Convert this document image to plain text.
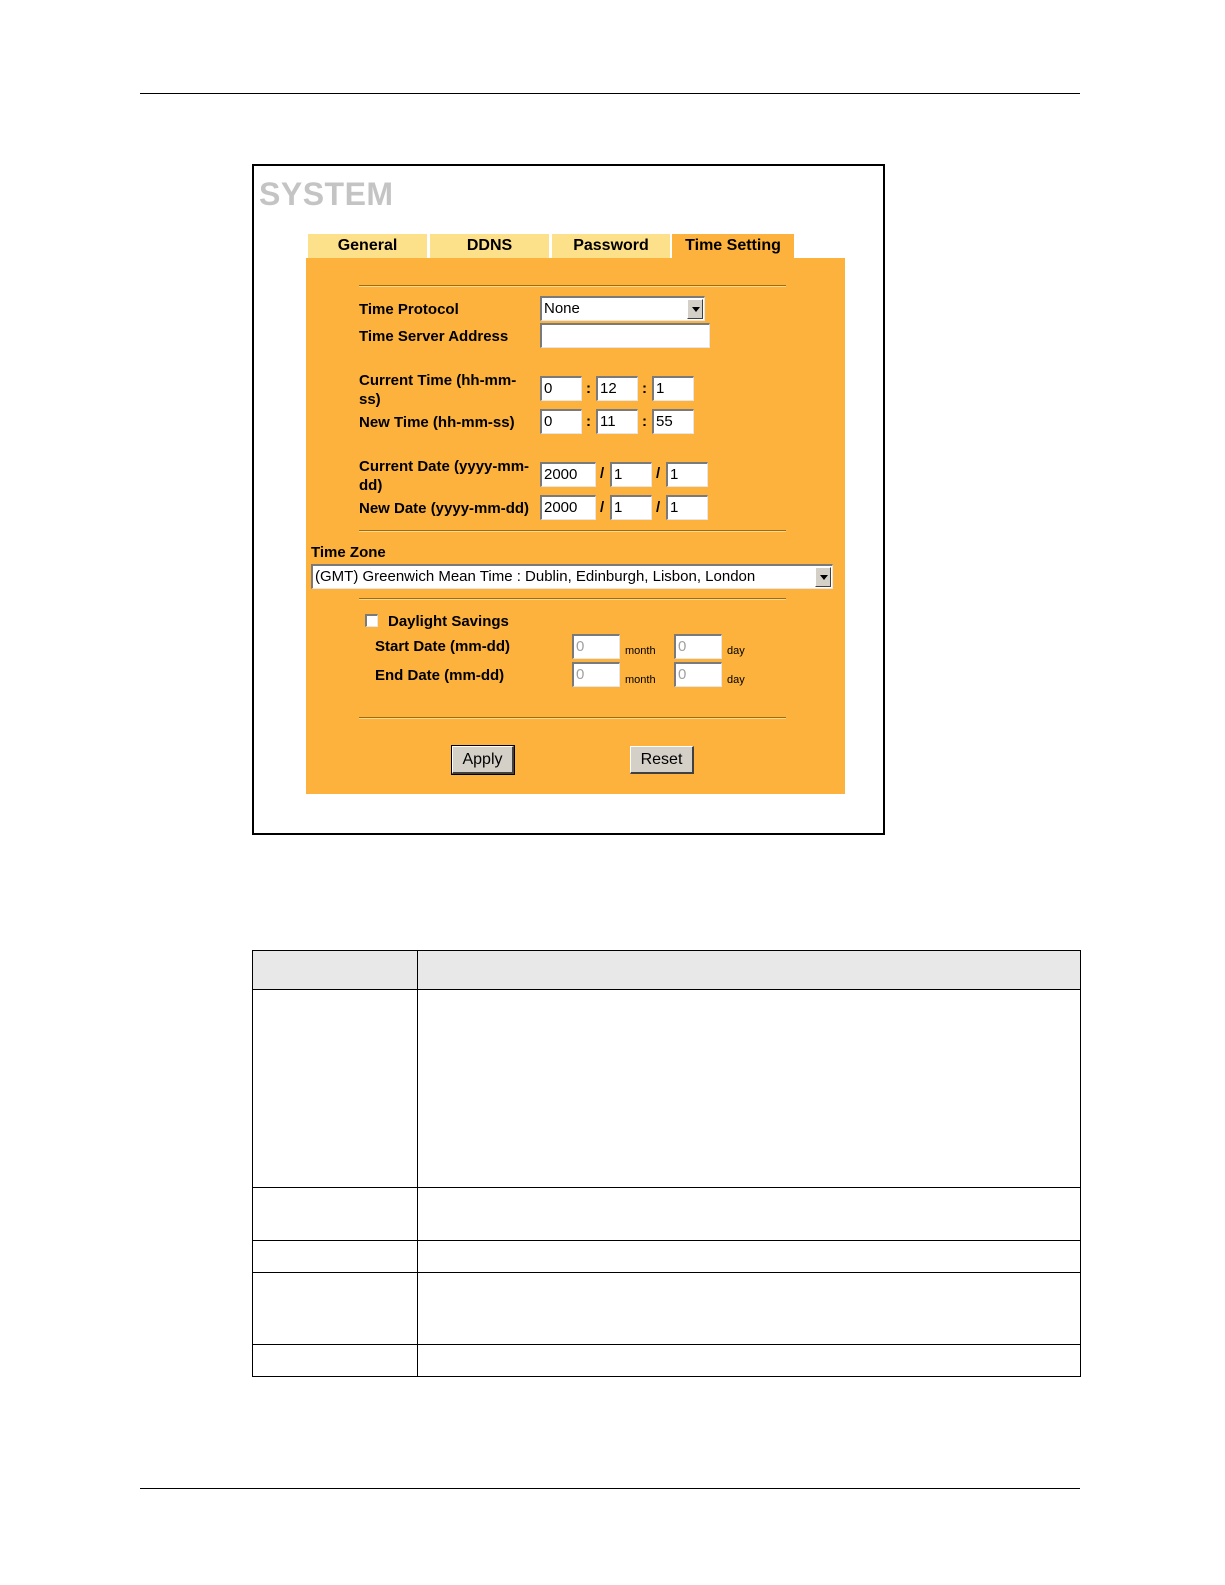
SYSTEM
General	DDNS	Password	Time Setting
Time Protocol	None
Time Server Address
Current Time (hh-mm-ss)
0	: 12	: 1
New Time (hh-mm-ss) 0	: 11	: 55
Current Date (yyyy-mm-dd)
2000	/ 1	/ 1
New Date (yyyy-mm-dd) 2000	/ 1	/ 1
Time Zone
(GMT) Greenwich Mean Time : Dublin, Edinburgh, Lisbon, London
Daylight Savings
Start Date (mm-dd)	0	month 0	day
End Date (mm-dd)	0	month 0	day
Apply	Reset
